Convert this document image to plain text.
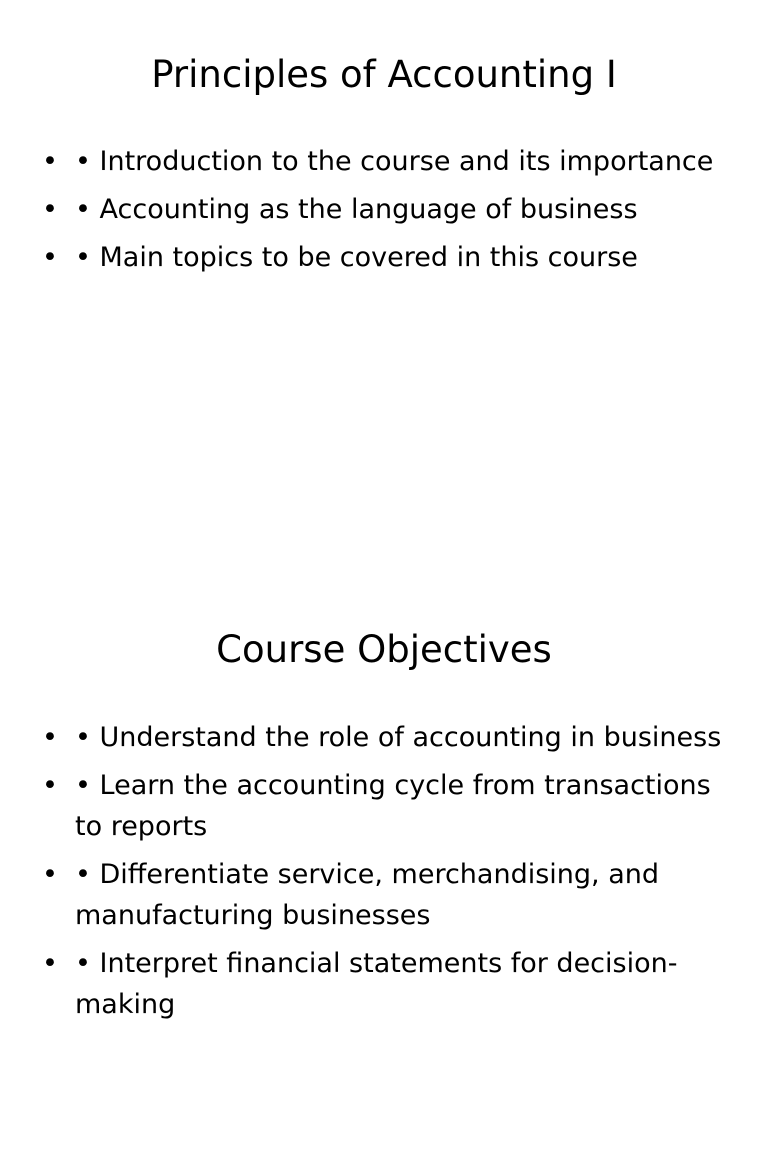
Principles of Accounting I
• • Introduction to the course and its importance
• • Accounting as the language of business
• • Main topics to be covered in this course
Course Objectives
• • Understand the role of accounting in business
• • Learn the accounting cycle from transactions to reports
• • Differentiate service, merchandising, and manufacturing businesses
• • Interpret financial statements for decision-making
